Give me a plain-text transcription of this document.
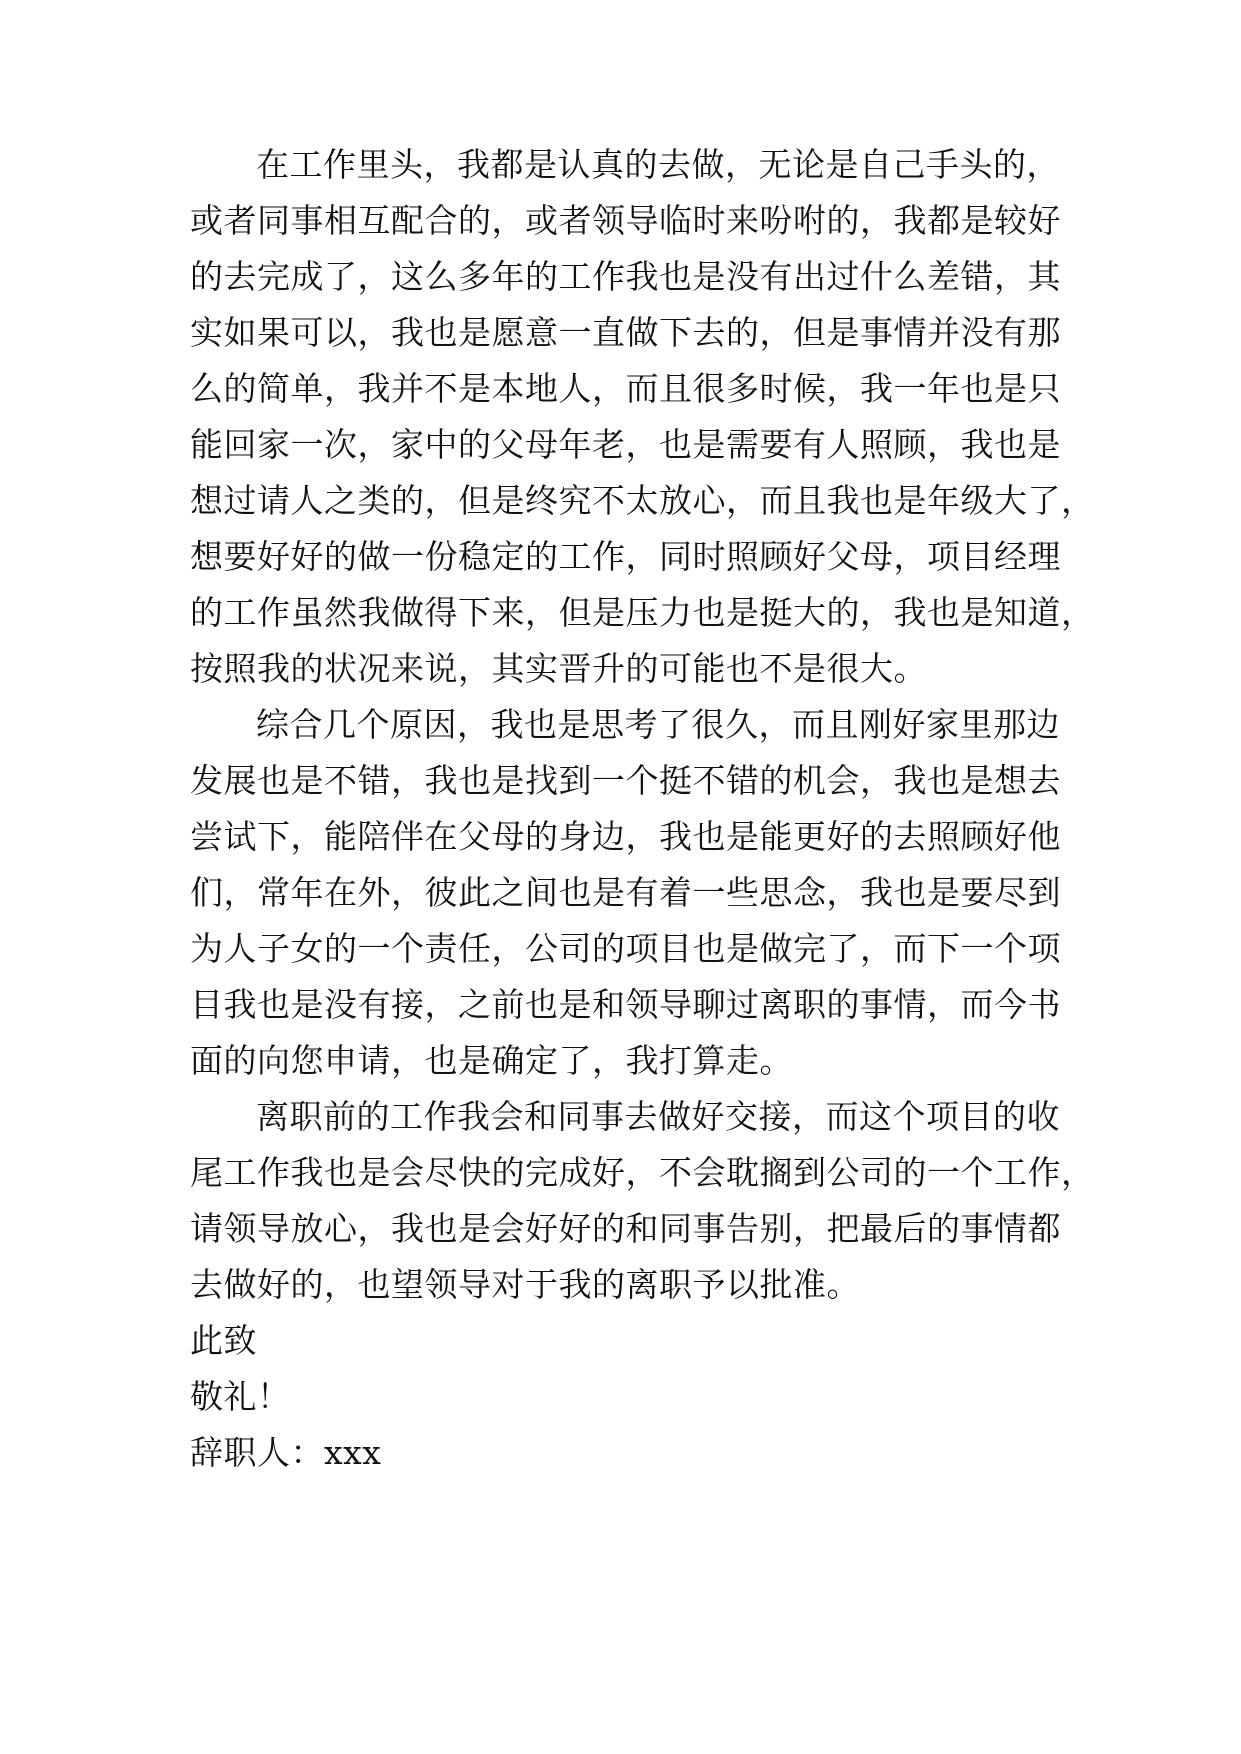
在工作里头，我都是认真的去做，无论是自己手头的，
或者同事相互配合的，或者领导临时来吩咐的，我都是较好
的去完成了，这么多年的工作我也是没有出过什么差错，其
实如果可以，我也是愿意一直做下去的，但是事情并没有那
么的简单，我并不是本地人，而且很多时候，我一年也是只
能回家一次，家中的父母年老，也是需要有人照顾，我也是
想过请人之类的，但是终究不太放心，而且我也是年级大了，
想要好好的做一份稳定的工作，同时照顾好父母，项目经理
的工作虽然我做得下来，但是压力也是挺大的，我也是知道，
按照我的状况来说，其实晋升的可能也不是很大。
综合几个原因，我也是思考了很久，而且刚好家里那边
发展也是不错，我也是找到一个挺不错的机会，我也是想去
尝试下，能陪伴在父母的身边，我也是能更好的去照顾好他
们，常年在外，彼此之间也是有着一些思念，我也是要尽到
为人子女的一个责任，公司的项目也是做完了，而下一个项
目我也是没有接，之前也是和领导聊过离职的事情，而今书
面的向您申请，也是确定了，我打算走。
离职前的工作我会和同事去做好交接，而这个项目的收
尾工作我也是会尽快的完成好，不会耽搁到公司的一个工作，
请领导放心，我也是会好好的和同事告别，把最后的事情都
去做好的，也望领导对于我的离职予以批准。
此致
敬礼！
辞职人：xxx
